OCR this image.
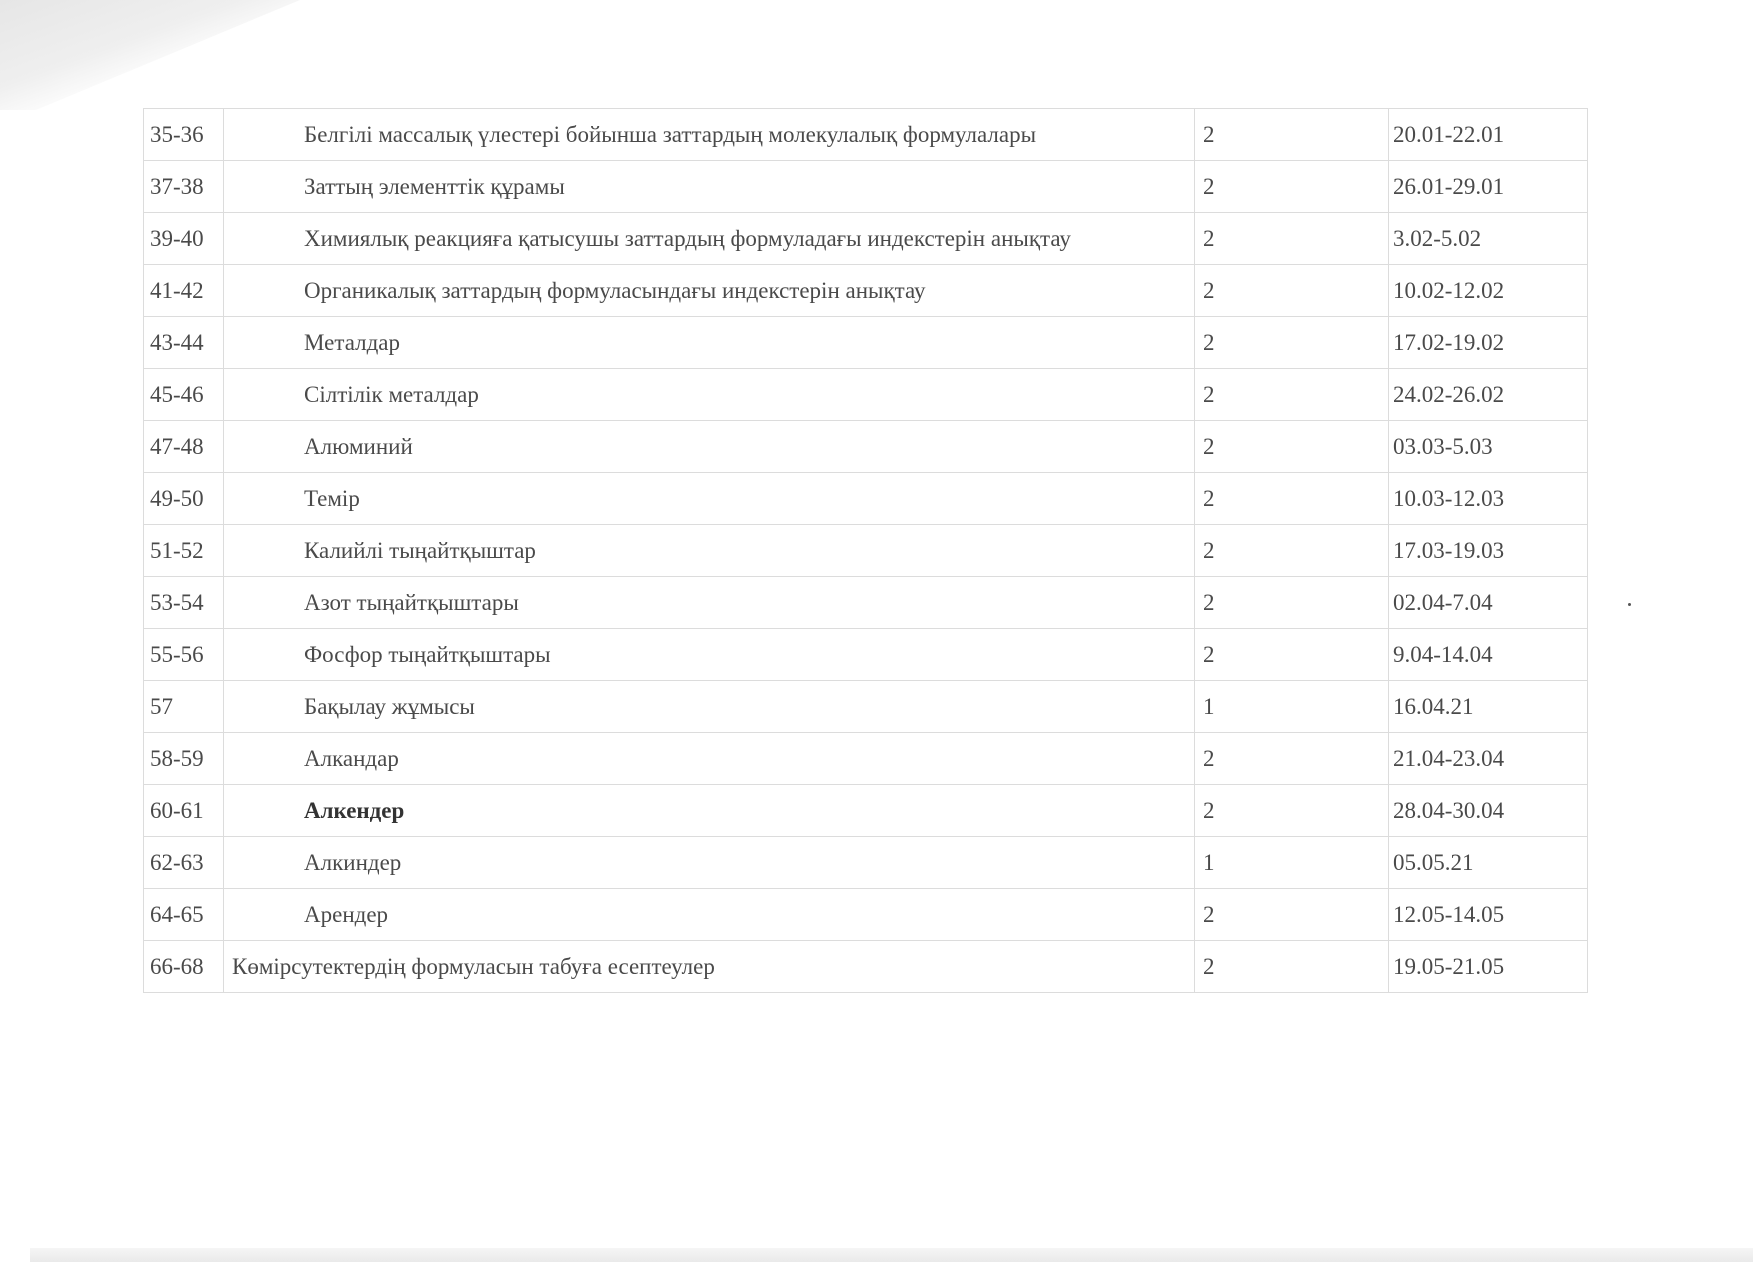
35-36	Белгілі массалық үлестері бойынша заттардың молекулалық формулалары	2	20.01-22.01
37-38	Заттың элементтік құрамы	2	26.01-29.01
39-40	Химиялық реакцияға қатысушы заттардың формуладағы индекстерін анықтау	2	3.02-5.02
41-42	Органикалық заттардың формуласындағы индекстерін анықтау	2	10.02-12.02
43-44	Металдар	2	17.02-19.02
45-46	Сілтілік металдар	2	24.02-26.02
47-48	Алюминий	2	03.03-5.03
49-50	Темір	2	10.03-12.03
51-52	Калийлі тыңайтқыштар	2	17.03-19.03
53-54	Азот тыңайтқыштары	2	02.04-7.04
55-56	Фосфор тыңайтқыштары	2	9.04-14.04
57	Бақылау жұмысы	1	16.04.21
58-59	Алкандар	2	21.04-23.04
60-61	Алкендер	2	28.04-30.04
62-63	Алкиндер	1	05.05.21
64-65	Арендер	2	12.05-14.05
66-68	Көмірсутектердің формуласын табуға есептеулер	2	19.05-21.05
